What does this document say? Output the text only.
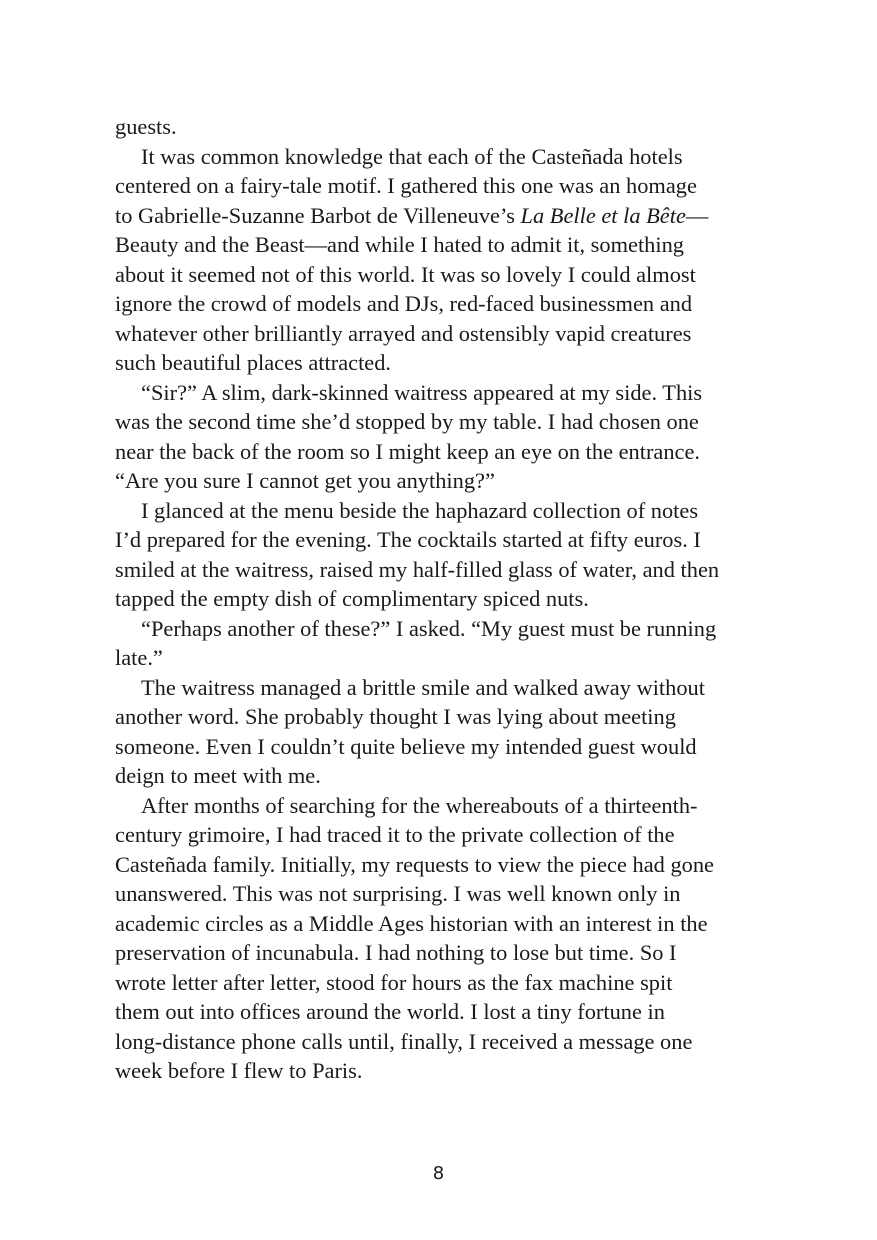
guests.

It was common knowledge that each of the Casteñada hotels
centered on a fairy-tale motif. I gathered this one was an homage
to Gabrielle-Suzanne Barbot de Villeneuve’s La Belle et la Bête—
Beauty and the Beast—and while I hated to admit it, something
about it seemed not of this world. It was so lovely I could almost
ignore the crowd of models and DJs, red-faced businessmen and
whatever other brilliantly arrayed and ostensibly vapid creatures
such beautiful places attracted.

“Sir?” A slim, dark-skinned waitress appeared at my side. This
was the second time she’d stopped by my table. I had chosen one
near the back of the room so I might keep an eye on the entrance.
“Are you sure I cannot get you anything?”

I glanced at the menu beside the haphazard collection of notes
I’d prepared for the evening. The cocktails started at fifty euros. I
smiled at the waitress, raised my half-filled glass of water, and then
tapped the empty dish of complimentary spiced nuts.

“Perhaps another of these?” I asked. “My guest must be running
late.”

The waitress managed a brittle smile and walked away without
another word. She probably thought I was lying about meeting
someone. Even I couldn’t quite believe my intended guest would
deign to meet with me.

After months of searching for the whereabouts of a thirteenth-
century grimoire, I had traced it to the private collection of the
Casteñada family. Initially, my requests to view the piece had gone
unanswered. This was not surprising. I was well known only in
academic circles as a Middle Ages historian with an interest in the
preservation of incunabula. I had nothing to lose but time. So I
wrote letter after letter, stood for hours as the fax machine spit
them out into offices around the world. I lost a tiny fortune in
long-distance phone calls until, finally, I received a message one
week before I flew to Paris.

8
